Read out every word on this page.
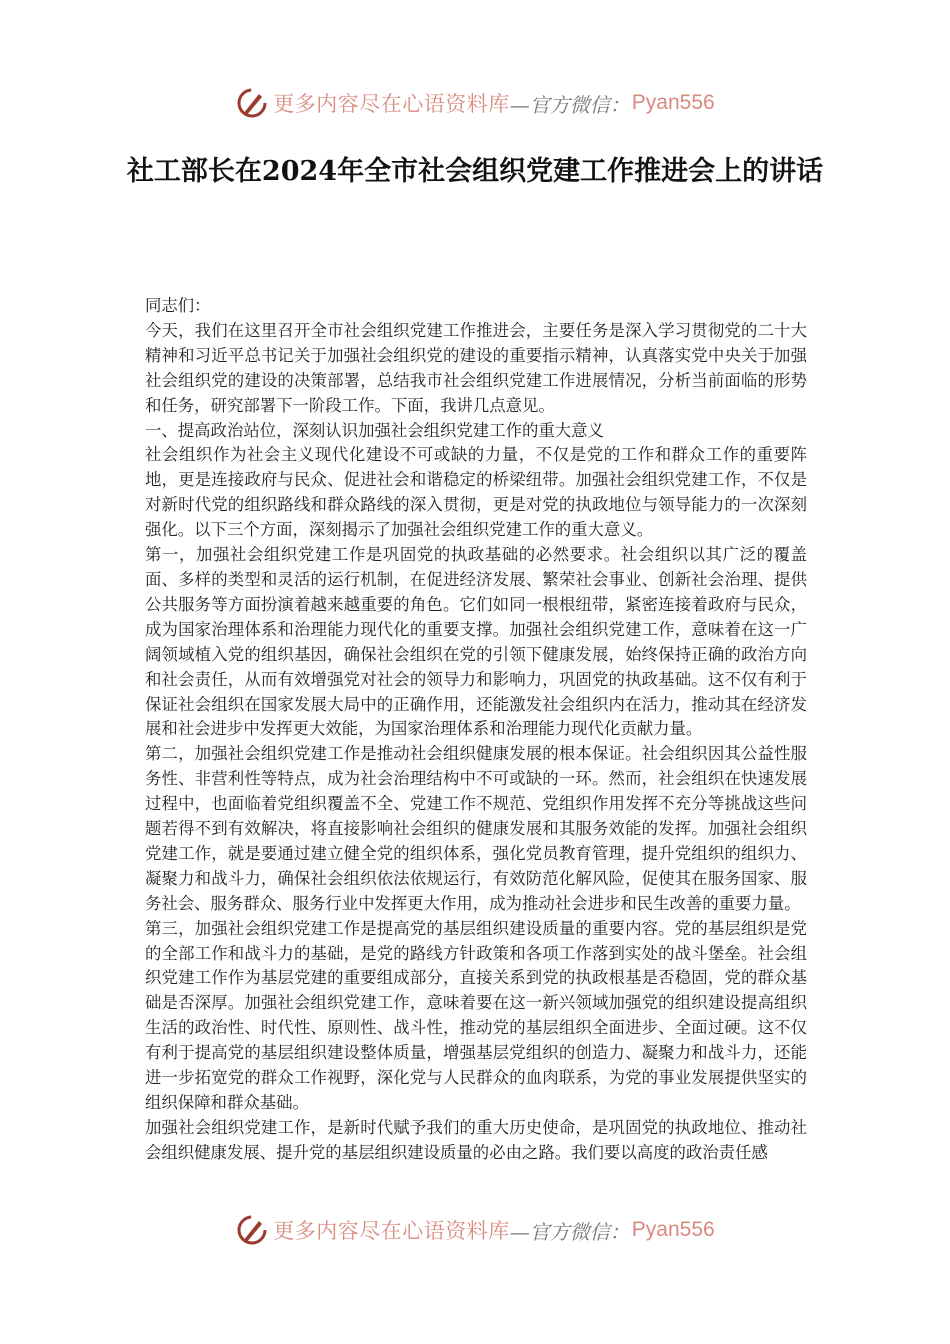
更多内容尽在心语资料库 —官方微信： Pyan556
社工部长在2024年全市社会组织党建工作推进会上的讲话

同志们：

今天，我们在这里召开全市社会组织党建工作推进会，主要任务是深入学习贯彻党的二十大精神和习近平总书记关于加强社会组织党的建设的重要指示精神，认真落实党中央关于加强社会组织党的建设的决策部署，总结我市社会组织党建工作进展情况，分析当前面临的形势和任务，研究部署下一阶段工作。下面，我讲几点意见。

一、提高政治站位，深刻认识加强社会组织党建工作的重大意义

社会组织作为社会主义现代化建设不可或缺的力量，不仅是党的工作和群众工作的重要阵地，更是连接政府与民众、促进社会和谐稳定的桥梁纽带。加强社会组织党建工作，不仅是对新时代党的组织路线和群众路线的深入贯彻，更是对党的执政地位与领导能力的一次深刻强化。以下三个方面，深刻揭示了加强社会组织党建工作的重大意义。

第一，加强社会组织党建工作是巩固党的执政基础的必然要求。社会组织以其广泛的覆盖面、多样的类型和灵活的运行机制，在促进经济发展、繁荣社会事业、创新社会治理、提供公共服务等方面扮演着越来越重要的角色。它们如同一根根纽带，紧密连接着政府与民众，成为国家治理体系和治理能力现代化的重要支撑。加强社会组织党建工作，意味着在这一广阔领域植入党的组织基因，确保社会组织在党的引领下健康发展，始终保持正确的政治方向和社会责任，从而有效增强党对社会的领导力和影响力，巩固党的执政基础。这不仅有利于保证社会组织在国家发展大局中的正确作用，还能激发社会组织内在活力，推动其在经济发展和社会进步中发挥更大效能，为国家治理体系和治理能力现代化贡献力量。

第二，加强社会组织党建工作是推动社会组织健康发展的根本保证。社会组织因其公益性服务性、非营利性等特点，成为社会治理结构中不可或缺的一环。然而，社会组织在快速发展过程中，也面临着党组织覆盖不全、党建工作不规范、党组织作用发挥不充分等挑战这些问题若得不到有效解决，将直接影响社会组织的健康发展和其服务效能的发挥。加强社会组织党建工作，就是要通过建立健全党的组织体系，强化党员教育管理，提升党组织的组织力、凝聚力和战斗力，确保社会组织依法依规运行，有效防范化解风险，促使其在服务国家、服务社会、服务群众、服务行业中发挥更大作用，成为推动社会进步和民生改善的重要力量。

第三，加强社会组织党建工作是提高党的基层组织建设质量的重要内容。党的基层组织是党的全部工作和战斗力的基础，是党的路线方针政策和各项工作落到实处的战斗堡垒。社会组织党建工作作为基层党建的重要组成部分，直接关系到党的执政根基是否稳固，党的群众基础是否深厚。加强社会组织党建工作，意味着要在这一新兴领域加强党的组织建设提高组织生活的政治性、时代性、原则性、战斗性，推动党的基层组织全面进步、全面过硬。这不仅有利于提高党的基层组织建设整体质量，增强基层党组织的创造力、凝聚力和战斗力，还能进一步拓宽党的群众工作视野，深化党与人民群众的血肉联系，为党的事业发展提供坚实的组织保障和群众基础。

加强社会组织党建工作，是新时代赋予我们的重大历史使命，是巩固党的执政地位、推动社会组织健康发展、提升党的基层组织建设质量的必由之路。我们要以高度的政治责任感

更多内容尽在心语资料库 —官方微信： Pyan556
